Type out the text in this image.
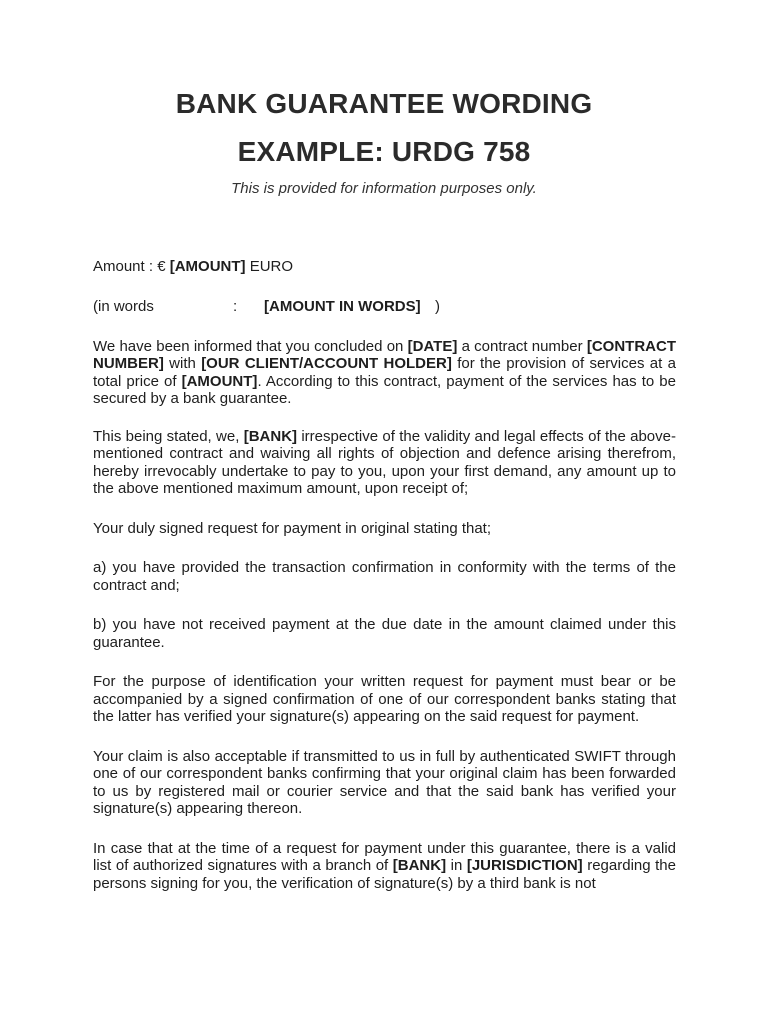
BANK GUARANTEE WORDING
EXAMPLE: URDG 758
This is provided for information purposes only.

Amount : € [AMOUNT] EURO

(in words	: [AMOUNT IN WORDS] )

We have been informed that you concluded on [DATE] a contract number [CONTRACT NUMBER] with [OUR CLIENT/ACCOUNT HOLDER] for the provision of services at a total price of [AMOUNT]. According to this contract, payment of the services has to be secured by a bank guarantee.

This being stated, we, [BANK] irrespective of the validity and legal effects of the above-mentioned contract and waiving all rights of objection and defence arising therefrom, hereby irrevocably undertake to pay to you, upon your first demand, any amount up to the above mentioned maximum amount, upon receipt of;

Your duly signed request for payment in original stating that;

a) you have provided the transaction confirmation in conformity with the terms of the contract and;

b) you have not received payment at the due date in the amount claimed under this guarantee.

For the purpose of identification your written request for payment must bear or be accompanied by a signed confirmation of one of our correspondent banks stating that the latter has verified your signature(s) appearing on the said request for payment.

Your claim is also acceptable if transmitted to us in full by authenticated SWIFT through one of our correspondent banks confirming that your original claim has been forwarded to us by registered mail or courier service and that the said bank has verified your signature(s) appearing thereon.

In case that at the time of a request for payment under this guarantee, there is a valid list of authorized signatures with a branch of [BANK] in [JURISDICTION] regarding the persons signing for you, the verification of signature(s) by a third bank is not
